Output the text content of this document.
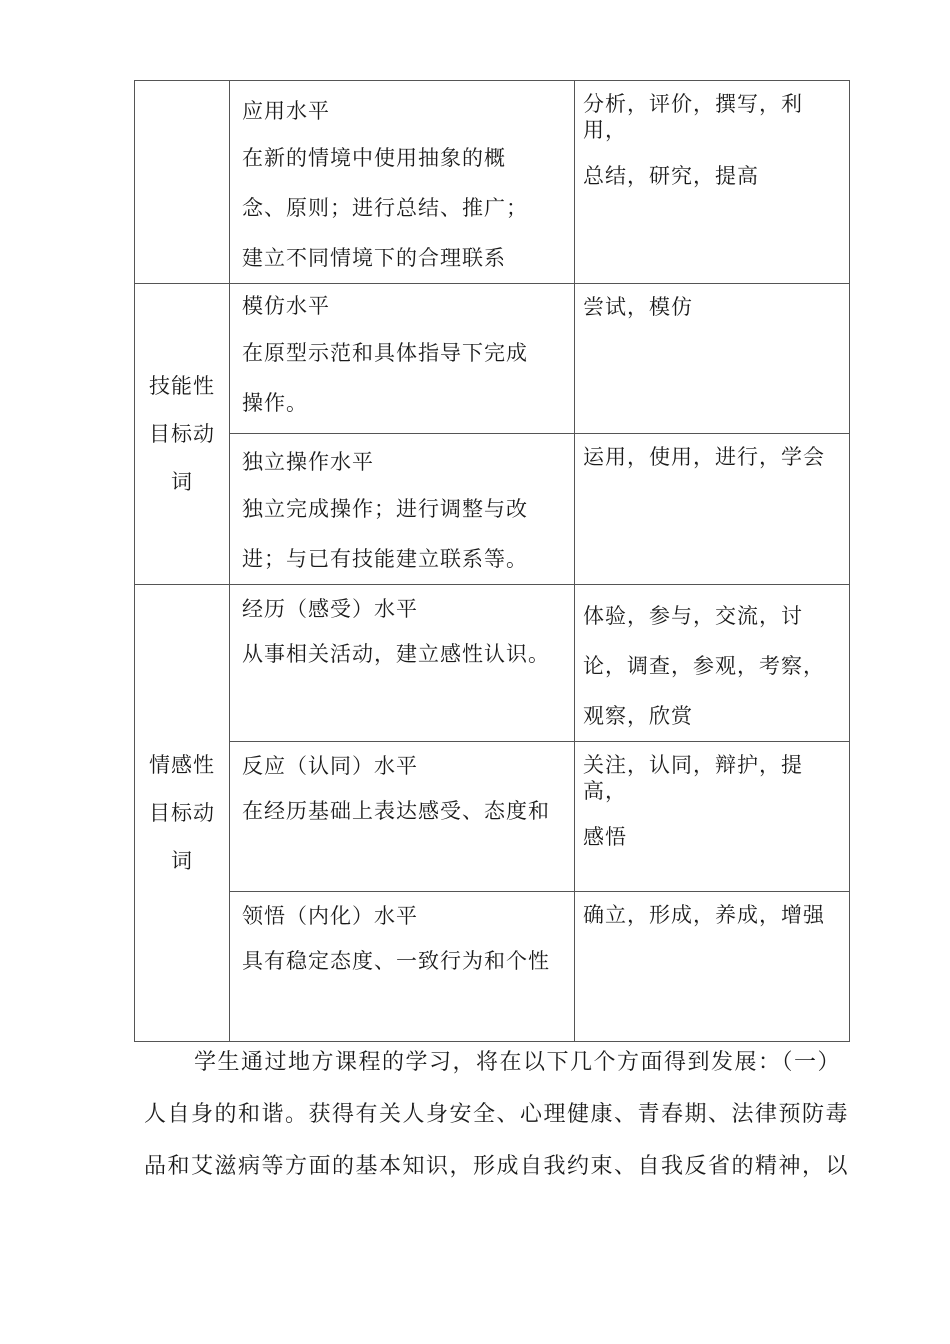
	应用水平
在新的情境中使用抽象的概
念、原则；进行总结、推广；
建立不同情境下的合理联系	分析，评价，撰写，利用，
总结，研究，提高

技能性
目标动
词	模仿水平
在原型示范和具体指导下完成
操作。	尝试，模仿

	独立操作水平
独立完成操作；进行调整与改
进；与已有技能建立联系等。	运用，使用，进行，学会

情感性
目标动
词	经历（感受）水平
从事相关活动，建立感性认识。	体验，参与，交流，讨
论，调查，参观，考察，
观察，欣赏

	反应（认同）水平
在经历基础上表达感受、态度和	关注，认同，辩护，提高，
感悟

	领悟（内化）水平
具有稳定态度、一致行为和个性	确立，形成，养成，增强

学生通过地方课程的学习，将在以下几个方面得到发展：（一）

人自身的和谐。获得有关人身安全、心理健康、青春期、法律预防毒

品和艾滋病等方面的基本知识，形成自我约束、自我反省的精神，以
